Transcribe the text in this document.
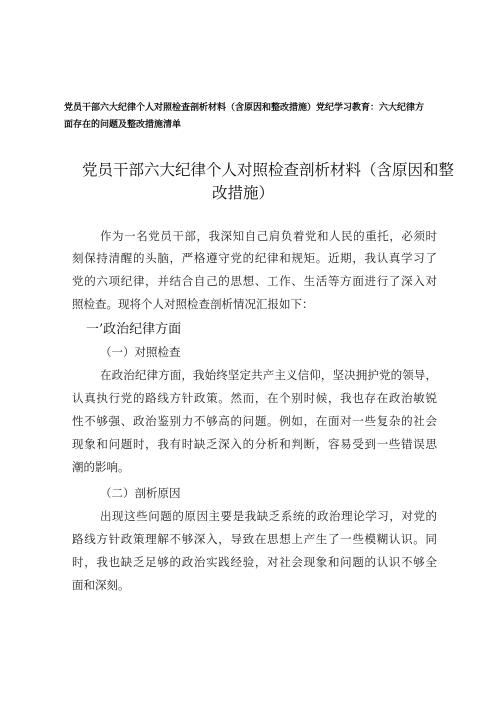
党员干部六大纪律个人对照检查剖析材料（含原因和整改措施）党纪学习教育：六大纪律方
面存在的问题及整改措施清单
党员干部六大纪律个人对照检查剖析材料（含原因和整
改措施）
作为一名党员干部，我深知自己肩负着党和人民的重托，必须时
刻保持清醒的头脑，严格遵守党的纪律和规矩。近期，我认真学习了
党的六项纪律，并结合自己的思想、工作、生活等方面进行了深入对
照检查。现将个人对照检查剖析情况汇报如下：
一’政治纪律方面
（一）对照检查
在政治纪律方面，我始终坚定共产主义信仰，坚决拥护党的领导，
认真执行党的路线方针政策。然而，在个别时候，我也存在政治敏锐
性不够强、政治鉴别力不够高的问题。例如，在面对一些复杂的社会
现象和问题时，我有时缺乏深入的分析和判断，容易受到一些错误思
潮的影响。
（二）剖析原因
出现这些问题的原因主要是我缺乏系统的政治理论学习，对党的
路线方针政策理解不够深入，导致在思想上产生了一些模糊认识。同
时，我也缺乏足够的政治实践经验，对社会现象和问题的认识不够全
面和深刻。
